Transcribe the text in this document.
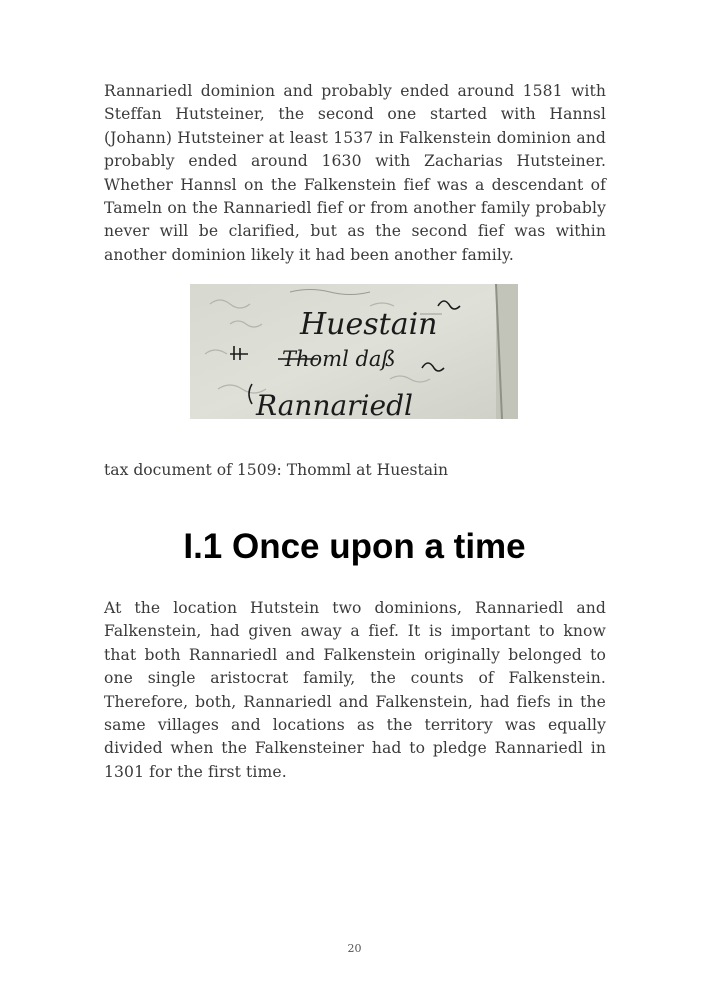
Rannariedl dominion and probably ended around 1581 with Steffan Hutsteiner, the second one started with Hannsl (Johann) Hutsteiner at least 1537 in Falkenstein dominion and probably ended around 1630 with Zacharias Hutsteiner. Whether Hannsl on the Falkenstein fief was a descendant of Tameln on the Rannariedl fief or from another family probably never will be clarified, but as the second fief was within another dominion likely it had been another family.

Huestain
Thoml daß
Rannariedl

tax document of 1509: Thomml at Huestain

I.1 Once upon a time

At the location Hutstein two dominions, Rannariedl and Falkenstein, had given away a fief. It is important to know that both Rannariedl and Falkenstein originally belonged to one single aristocrat family, the counts of Falkenstein. Therefore, both, Rannariedl and Falkenstein, had fiefs in the same villages and locations as the territory was equally divided when the Falkensteiner had to pledge Rannariedl in 1301 for the first time.

20
